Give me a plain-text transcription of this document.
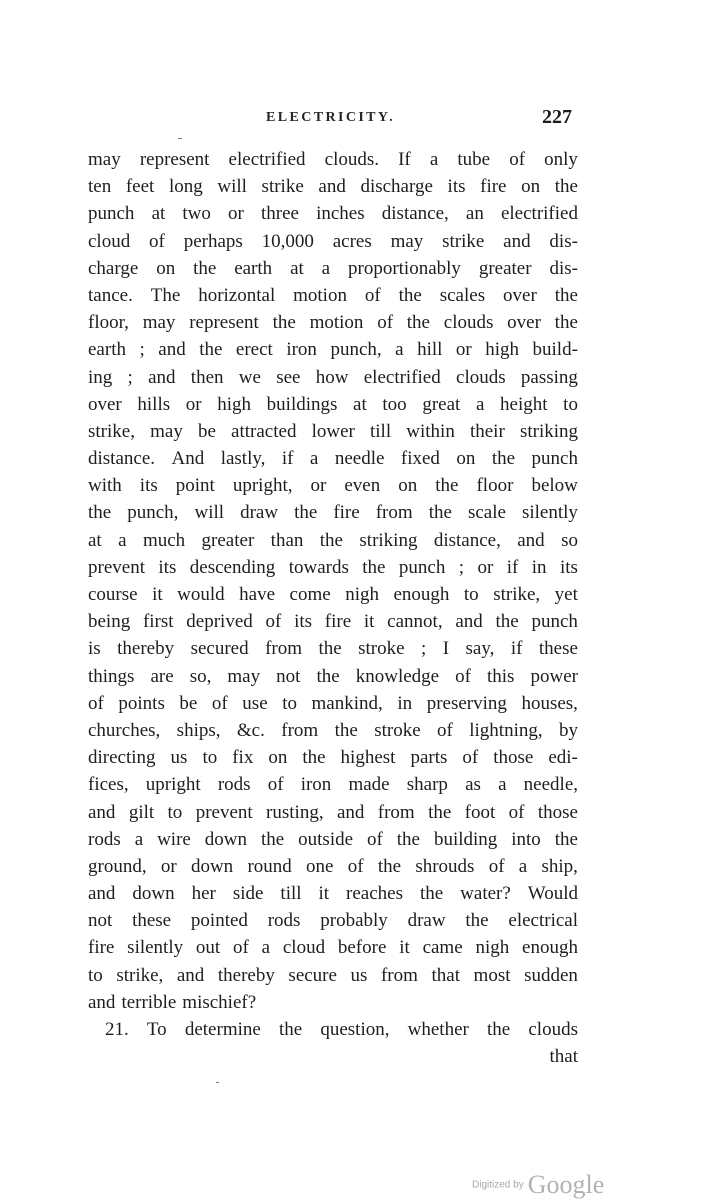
ELECTRICITY.	227
may represent electrified clouds. If a tube of only
ten feet long will strike and discharge its fire on the
punch at two or three inches distance, an electrified
cloud of perhaps 10,000 acres may strike and dis-
charge on the earth at a proportionably greater dis-
tance. The horizontal motion of the scales over the
floor, may represent the motion of the clouds over the
earth ; and the erect iron punch, a hill or high build-
ing ; and then we see how electrified clouds passing
over hills or high buildings at too great a height to
strike, may be attracted lower till within their striking
distance. And lastly, if a needle fixed on the punch
with its point upright, or even on the floor below
the punch, will draw the fire from the scale silently
at a much greater than the striking distance, and so
prevent its descending towards the punch ; or if in its
course it would have come nigh enough to strike, yet
being first deprived of its fire it cannot, and the punch
is thereby secured from the stroke ; I say, if these
things are so, may not the knowledge of this power
of points be of use to mankind, in preserving houses,
churches, ships, &c. from the stroke of lightning, by
directing us to fix on the highest parts of those edi-
fices, upright rods of iron made sharp as a needle,
and gilt to prevent rusting, and from the foot of those
rods a wire down the outside of the building into the
ground, or down round one of the shrouds of a ship,
and down her side till it reaches the water? Would
not these pointed rods probably draw the electrical
fire silently out of a cloud before it came nigh enough
to strike, and thereby secure us from that most sudden
and terrible mischief?
21. To determine the question, whether the clouds
that
Digitized by Google
